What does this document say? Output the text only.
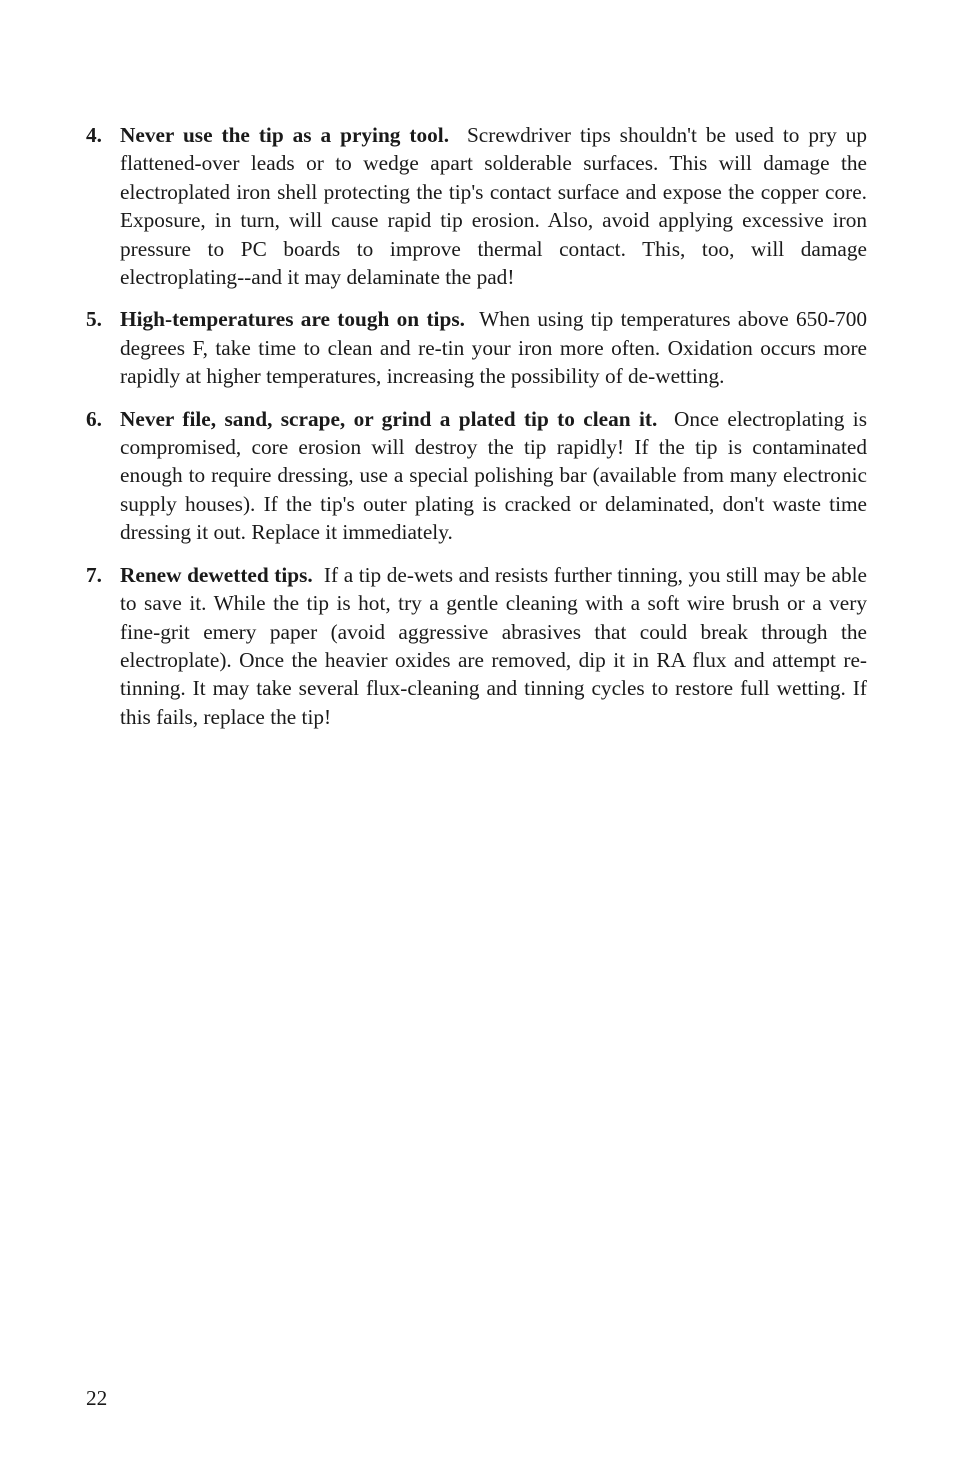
4. Never use the tip as a prying tool. Screwdriver tips shouldn't be used to pry up flattened-over leads or to wedge apart solderable surfaces. This will damage the electroplated iron shell protecting the tip's contact surface and expose the copper core. Exposure, in turn, will cause rapid tip erosion. Also, avoid applying excessive iron pressure to PC boards to improve thermal contact. This, too, will damage electroplating--and it may delaminate the pad!
5. High-temperatures are tough on tips. When using tip temperatures above 650-700 degrees F, take time to clean and re-tin your iron more often. Oxidation occurs more rapidly at higher temperatures, increasing the possibility of de-wetting.
6. Never file, sand, scrape, or grind a plated tip to clean it. Once electroplating is compromised, core erosion will destroy the tip rapidly! If the tip is contaminated enough to require dressing, use a special polishing bar (available from many electronic supply houses). If the tip's outer plating is cracked or delaminated, don't waste time dressing it out. Replace it immediately.
7. Renew dewetted tips. If a tip de-wets and resists further tinning, you still may be able to save it. While the tip is hot, try a gentle cleaning with a soft wire brush or a very fine-grit emery paper (avoid aggressive abrasives that could break through the electroplate). Once the heavier oxides are removed, dip it in RA flux and attempt re-tinning. It may take several flux-cleaning and tinning cycles to restore full wetting. If this fails, replace the tip!
22
